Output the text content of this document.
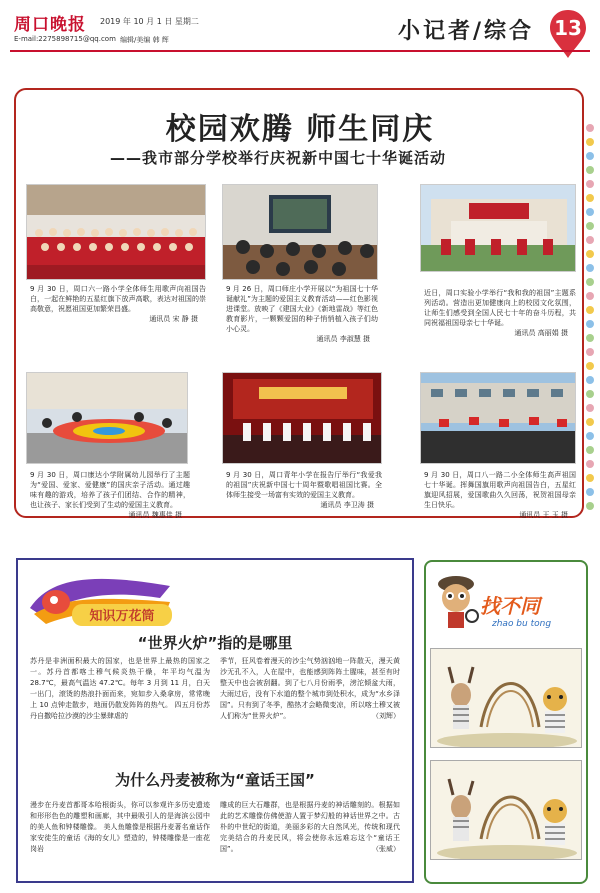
周口晚报 2019 年 10 月 1 日 星期二
E-mail:2275898715@qq.com 编辑/美编 韩 辉	小记者/综合 13
校园欢腾 师生同庆
——我市部分学校举行庆祝新中国七十华诞活动
9 月 30 日，周口六一路小学全体师生用歌声向祖国告白，一起在鲜艳的五星红旗下放声高歌，表达对祖国的崇高敬意，祝愿祖国更加繁荣昌盛。
通讯员 宋 静 摄
9 月 26 日，周口师庄小学开展以“为祖国七十华诞献礼”为主题的爱国主义教育活动——红色影视进课堂。放映了《建国大业》《新地雷战》等红色教育影片，一颗颗爱国的种子悄悄植入孩子们幼小心灵。
通讯员 李淑慧 摄
近日，周口实验小学举行“我和我的祖国”主题系列活动。营造出更加健康向上的校园文化氛围，让师生们感受到全国人民七十年的奋斗历程，共同祝福祖国母亲七十华诞。
通讯员 高丽娟 摄
9 月 30 日，周口康达小学附属幼儿园举行了主题为“爱国、爱家、爱健康”的国庆亲子活动。通过趣味有趣的游戏，培养了孩子们团结、合作的精神，也让孩子、家长们受到了生动的爱国主义教育。
通讯员 魏惠佳 摄
9 月 30 日，周口青年小学在报告厅举行“我爱我的祖国”庆祝新中国七十周年暨歌唱祖国比赛。全体师生接受一场富有实效的爱国主义教育。
通讯员 李卫涛 摄
9 月 30 日，周口八一路二小全体师生高声祖国七十华诞。挥舞国旗用歌声向祖国告白，五星红旗迎风招展，爱国歌曲久久回荡，祝贺祖国母亲生日快乐。
通讯员 王 玉 摄
知识万花筒
“世界火炉”指的是哪里
苏丹是非洲面积最大的国家，也是世界上最热的国家之一。苏丹首都喀土穆气候炎热干燥，年平均气温为 28.7℃，最高气温达 47.2℃。每年 3 月到 11 月，白天一出门，滚烫的热浪扑面而来，宛如步入桑拿房，常常晚上 10 点钟走散步，地面仍散发阵阵的热气。 四五月份苏丹自撒哈拉沙漠的沙尘暴肆虐的
季节，狂风卷着漫天的沙尘气势汹汹地一阵散天，漫天黄沙无孔不入，人在屋中，也能感到阵阵土腥味，甚至有时整天中也会被刮翻。到了七八月份雨季，滂沱倾盆大雨，大雨过后，没有下水道的整个城市到处积水，成为“水乡泽国”。只有到了冬季，酷热才会略微变凉，所以喀土穆又被人们称为“世界火炉”。	（刘辉）
为什么丹麦被称为“童话王国”
漫步在丹麦首都哥本哈根街头，你可以参观许多历史遗迹和形形色色的雕塑和画廊，其中最吸引人的是海滨公园中的美人鱼和钟楼雕像。 美人鱼雕像是根据丹麦著名童话作家安徒生的童话《海的女儿》塑造的，钟楼雕像是一座花岗岩
雕成的巨大石雕群，也是根据丹麦的神话雕刻的。根据如此的艺术雕像仿佛使游人置于梦幻般的神话世界之中。古朴的中世纪的街道，美丽多彩的大自然风光，传统和现代完美结合的丹麦民风，将会使你永远难忘这个“童话王国”。	（张威）
找不同
zhao bu tong
